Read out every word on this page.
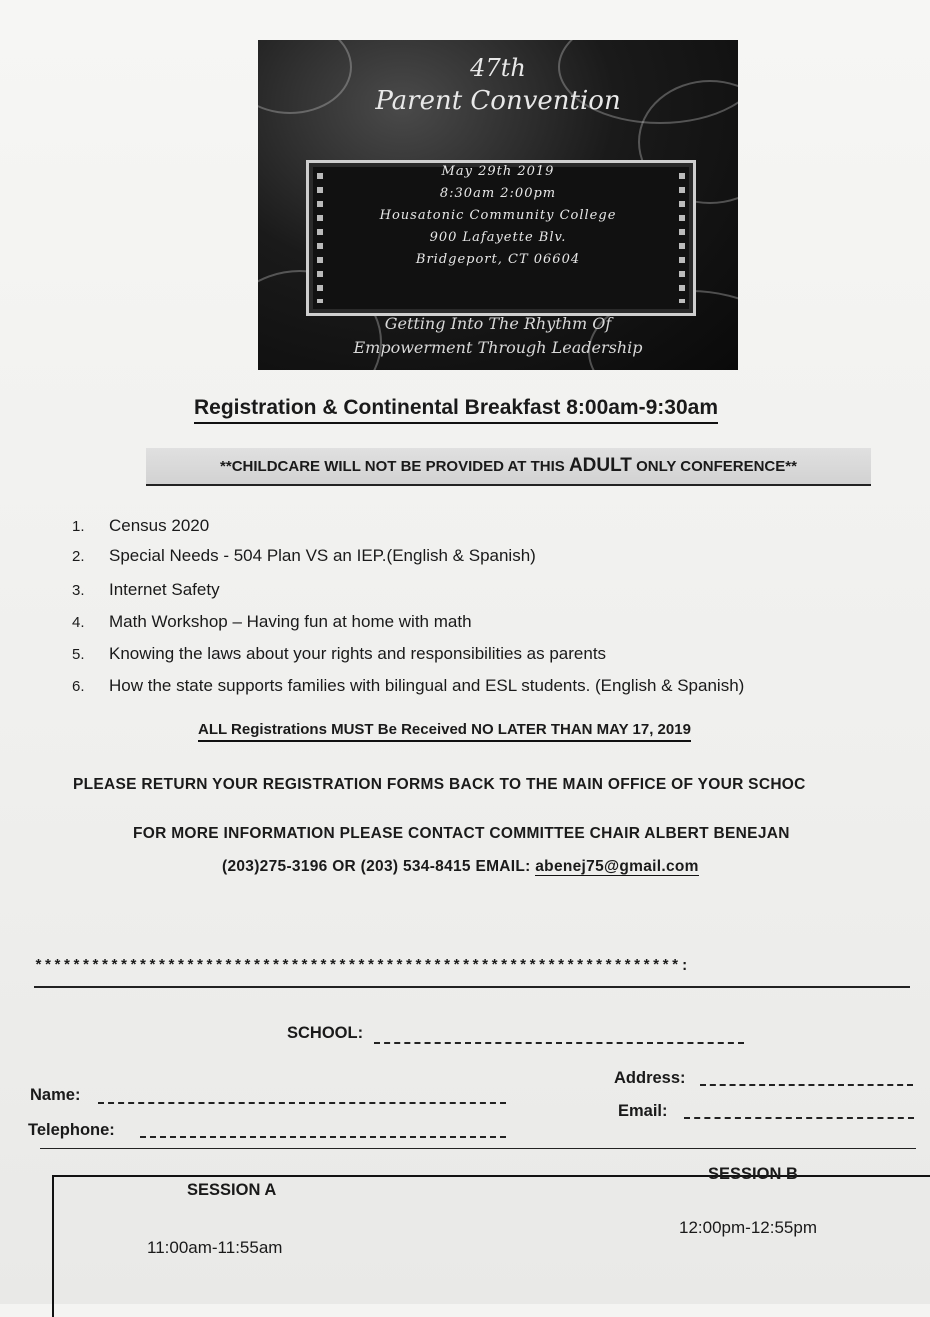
47th
Parent Convention
May 29th 2019
8:30am 2:00pm
Housatonic Community College
900 Lafayette Blv.
Bridgeport, CT 06604
Getting Into The Rhythm Of
Empowerment Through Leadership
Registration & Continental Breakfast 8:00am-9:30am
**CHILDCARE WILL NOT BE PROVIDED AT THIS ADULT ONLY CONFERENCE**
1. Census 2020
2. Special Needs - 504 Plan VS an IEP.(English & Spanish)
3. Internet Safety
4. Math Workshop – Having fun at home with math
5. Knowing the laws about your rights and responsibilities as parents
6. How the state supports families with bilingual and ESL students. (English & Spanish)
ALL Registrations MUST Be Received NO LATER THAN MAY 17, 2019
PLEASE RETURN YOUR REGISTRATION FORMS BACK TO THE MAIN OFFICE OF YOUR SCHOC
FOR MORE INFORMATION PLEASE CONTACT COMMITTEE CHAIR ALBERT BENEJAN
(203)275-3196 OR (203) 534-8415 EMAIL: abenej75@gmail.com
********************************************************************:
SCHOOL:
Name:
Telephone:
Address:
Email:
SESSION A
11:00am-11:55am
SESSION B
12:00pm-12:55pm
